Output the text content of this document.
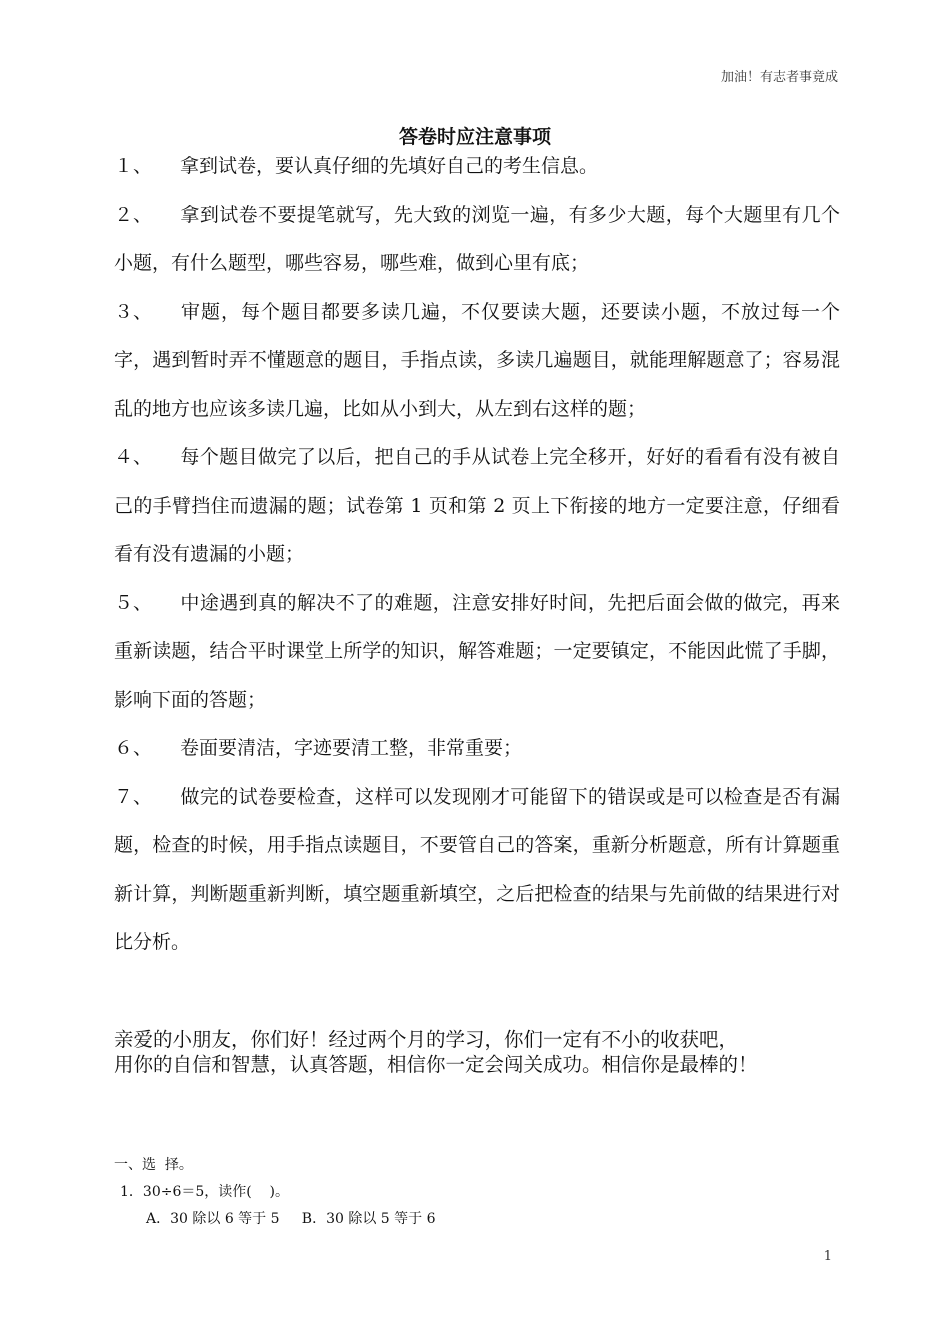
加油！有志者事竟成
答卷时应注意事项

１、 拿到试卷，要认真仔细的先填好自己的考生信息。

２、 拿到试卷不要提笔就写，先大致的浏览一遍，有多少大题，每个大题里有几个小题，有什么题型，哪些容易，哪些难，做到心里有底；

３、 审题，每个题目都要多读几遍，不仅要读大题，还要读小题，不放过每一个字，遇到暂时弄不懂题意的题目，手指点读，多读几遍题目，就能理解题意了；容易混乱的地方也应该多读几遍，比如从小到大，从左到右这样的题；

４、 每个题目做完了以后，把自己的手从试卷上完全移开，好好的看看有没有被自己的手臂挡住而遗漏的题；试卷第 1 页和第 2 页上下衔接的地方一定要注意，仔细看看有没有遗漏的小题；

５、 中途遇到真的解决不了的难题，注意安排好时间，先把后面会做的做完，再来重新读题，结合平时课堂上所学的知识，解答难题；一定要镇定，不能因此慌了手脚，影响下面的答题；

６、 卷面要清洁，字迹要清工整，非常重要；

７、 做完的试卷要检查，这样可以发现刚才可能留下的错误或是可以检查是否有漏题，检查的时候，用手指点读题目，不要管自己的答案，重新分析题意，所有计算题重新计算，判断题重新判断，填空题重新填空，之后把检查的结果与先前做的结果进行对比分析。

亲爱的小朋友，你们好！经过两个月的学习，你们一定有不小的收获吧，

用你的自信和智慧，认真答题，相信你一定会闯关成功。相信你是最棒的！

一、选  择。

1．30÷6＝5，读作(    )。

A．30 除以 6 等于 5     B．30 除以 5 等于 6

1
